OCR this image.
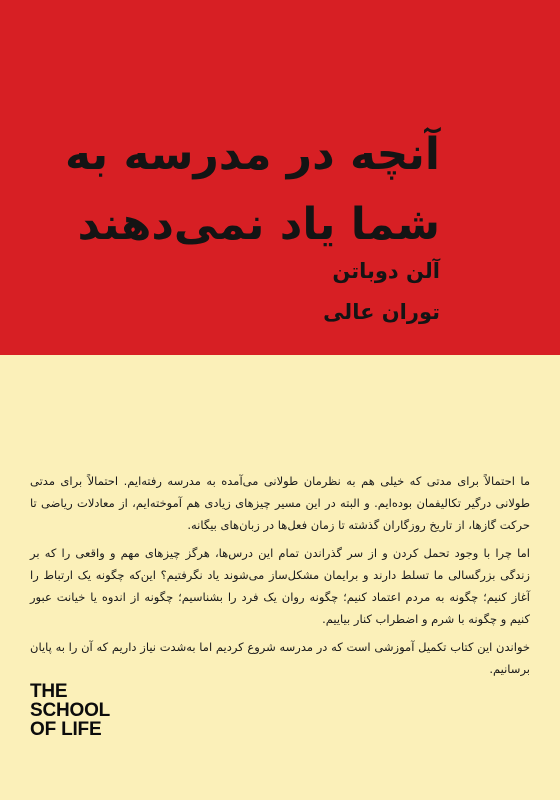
آنچه در مدرسه به
شما یاد نمی‌دهند
آلن دوباتن
توران عالی

ما احتمالاً برای مدتی که خیلی هم به نظرمان طولانی می‌آمده به مدرسه رفته‌ایم. احتمالاً برای مدتی طولانی درگیر تکالیفمان بوده‌ایم. و البته در این مسیر چیزهای زیادی هم آموخته‌ایم، از معادلات ریاضی تا حرکت گازها، از تاریخ روزگاران گذشته تا زمان فعل‌ها در زبان‌های بیگانه.

اما چرا با وجود تحمل کردن و از سر گذراندن تمام این درس‌ها، هرگز چیزهای مهم و واقعی را که بر زندگی بزرگسالی ما تسلط دارند و برایمان مشکل‌ساز می‌شوند یاد نگرفتیم؟ این‌که چگونه یک ارتباط را آغاز کنیم؛ چگونه به مردم اعتماد کنیم؛ چگونه روان یک فرد را بشناسیم؛ چگونه از اندوه یا خیانت عبور کنیم و چگونه با شرم و اضطراب کنار بیاییم.

خواندن این کتاب تکمیل آموزشی است که در مدرسه شروع کردیم اما به‌شدت نیاز داریم که آن را به پایان برسانیم.

THE
SCHOOL
OF LIFE
